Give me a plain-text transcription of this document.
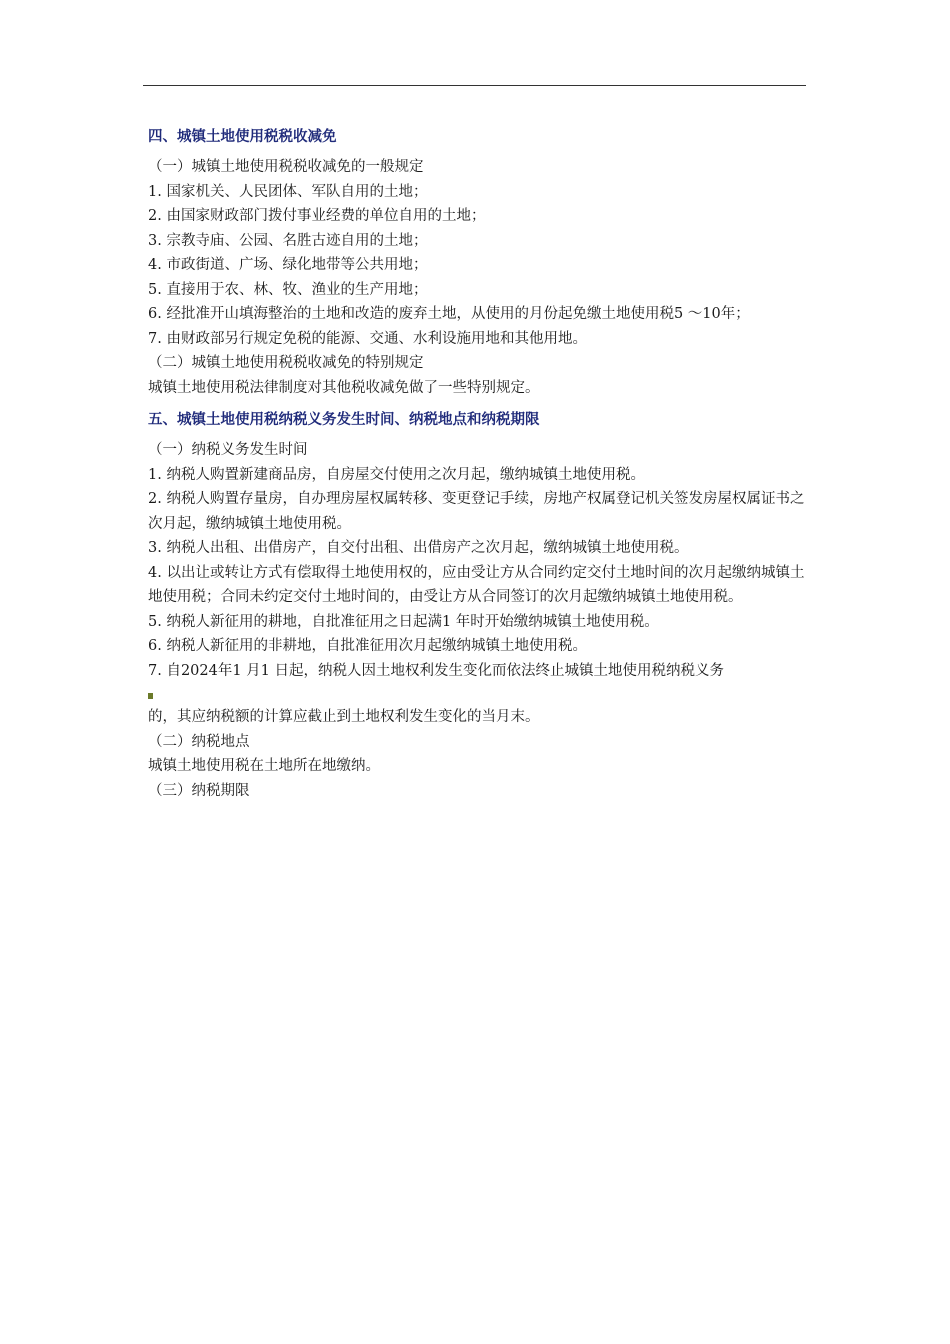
四、城镇土地使用税税收减免

（一）城镇土地使用税税收减免的一般规定

1. 国家机关、人民团体、军队自用的土地；

2. 由国家财政部门拨付事业经费的单位自用的土地；

3. 宗教寺庙、公园、名胜古迹自用的土地；

4. 市政街道、广场、绿化地带等公共用地；

5. 直接用于农、林、牧、渔业的生产用地；

6. 经批准开山填海整治的土地和改造的废弃土地，从使用的月份起免缴土地使用税5 ～10年；

7. 由财政部另行规定免税的能源、交通、水利设施用地和其他用地。

（二）城镇土地使用税税收减免的特别规定

城镇土地使用税法律制度对其他税收减免做了一些特别规定。

五、城镇土地使用税纳税义务发生时间、纳税地点和纳税期限

（一）纳税义务发生时间

1. 纳税人购置新建商品房，自房屋交付使用之次月起，缴纳城镇土地使用税。

2. 纳税人购置存量房，自办理房屋权属转移、变更登记手续，房地产权属登记机关签发房屋权属证书之次月起，缴纳城镇土地使用税。

3. 纳税人出租、出借房产，自交付出租、出借房产之次月起，缴纳城镇土地使用税。

4. 以出让或转让方式有偿取得土地使用权的，应由受让方从合同约定交付土地时间的次月起缴纳城镇土地使用税；合同未约定交付土地时间的，由受让方从合同签订的次月起缴纳城镇土地使用税。

5. 纳税人新征用的耕地，自批准征用之日起满1 年时开始缴纳城镇土地使用税。

6. 纳税人新征用的非耕地，自批准征用次月起缴纳城镇土地使用税。

7. 自2024年1 月1 日起，纳税人因土地权利发生变化而依法终止城镇土地使用税纳税义务

的，其应纳税额的计算应截止到土地权利发生变化的当月末。

（二）纳税地点

城镇土地使用税在土地所在地缴纳。

（三）纳税期限
